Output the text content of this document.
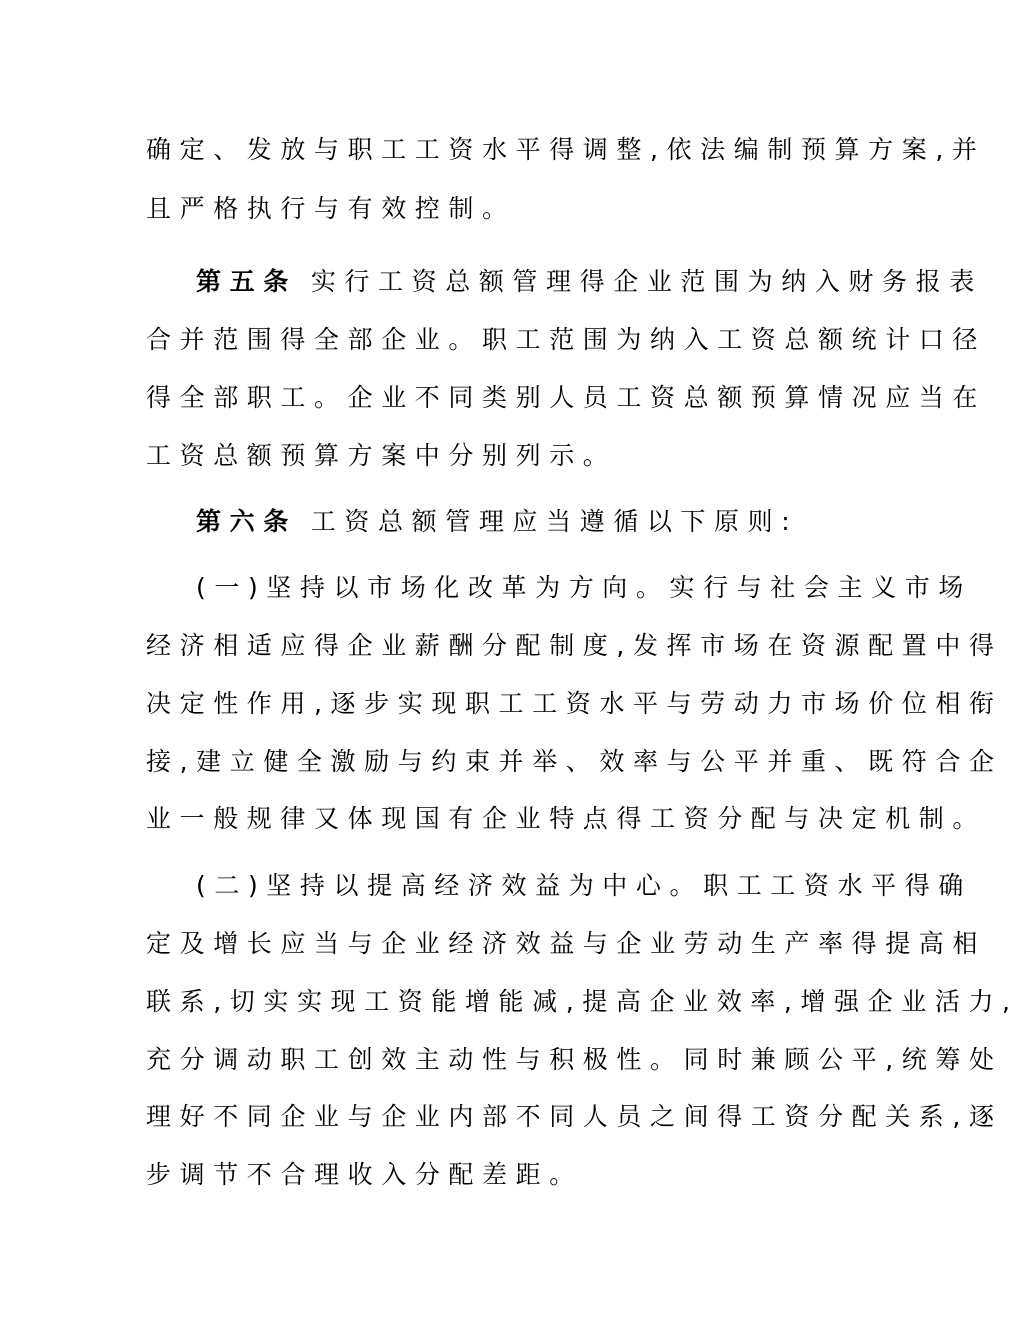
确定、发放与职工工资水平得调整,依法编制预算方案,并
且严格执行与有效控制。
第五条 实行工资总额管理得企业范围为纳入财务报表
合并范围得全部企业。职工范围为纳入工资总额统计口径
得全部职工。企业不同类别人员工资总额预算情况应当在
工资总额预算方案中分别列示。
第六条 工资总额管理应当遵循以下原则:
(一)坚持以市场化改革为方向。实行与社会主义市场
经济相适应得企业薪酬分配制度,发挥市场在资源配置中得
决定性作用,逐步实现职工工资水平与劳动力市场价位相衔
接,建立健全激励与约束并举、效率与公平并重、既符合企
业一般规律又体现国有企业特点得工资分配与决定机制。
(二)坚持以提高经济效益为中心。职工工资水平得确
定及增长应当与企业经济效益与企业劳动生产率得提高相
联系,切实实现工资能增能减,提高企业效率,增强企业活力,
充分调动职工创效主动性与积极性。同时兼顾公平,统筹处
理好不同企业与企业内部不同人员之间得工资分配关系,逐
步调节不合理收入分配差距。
